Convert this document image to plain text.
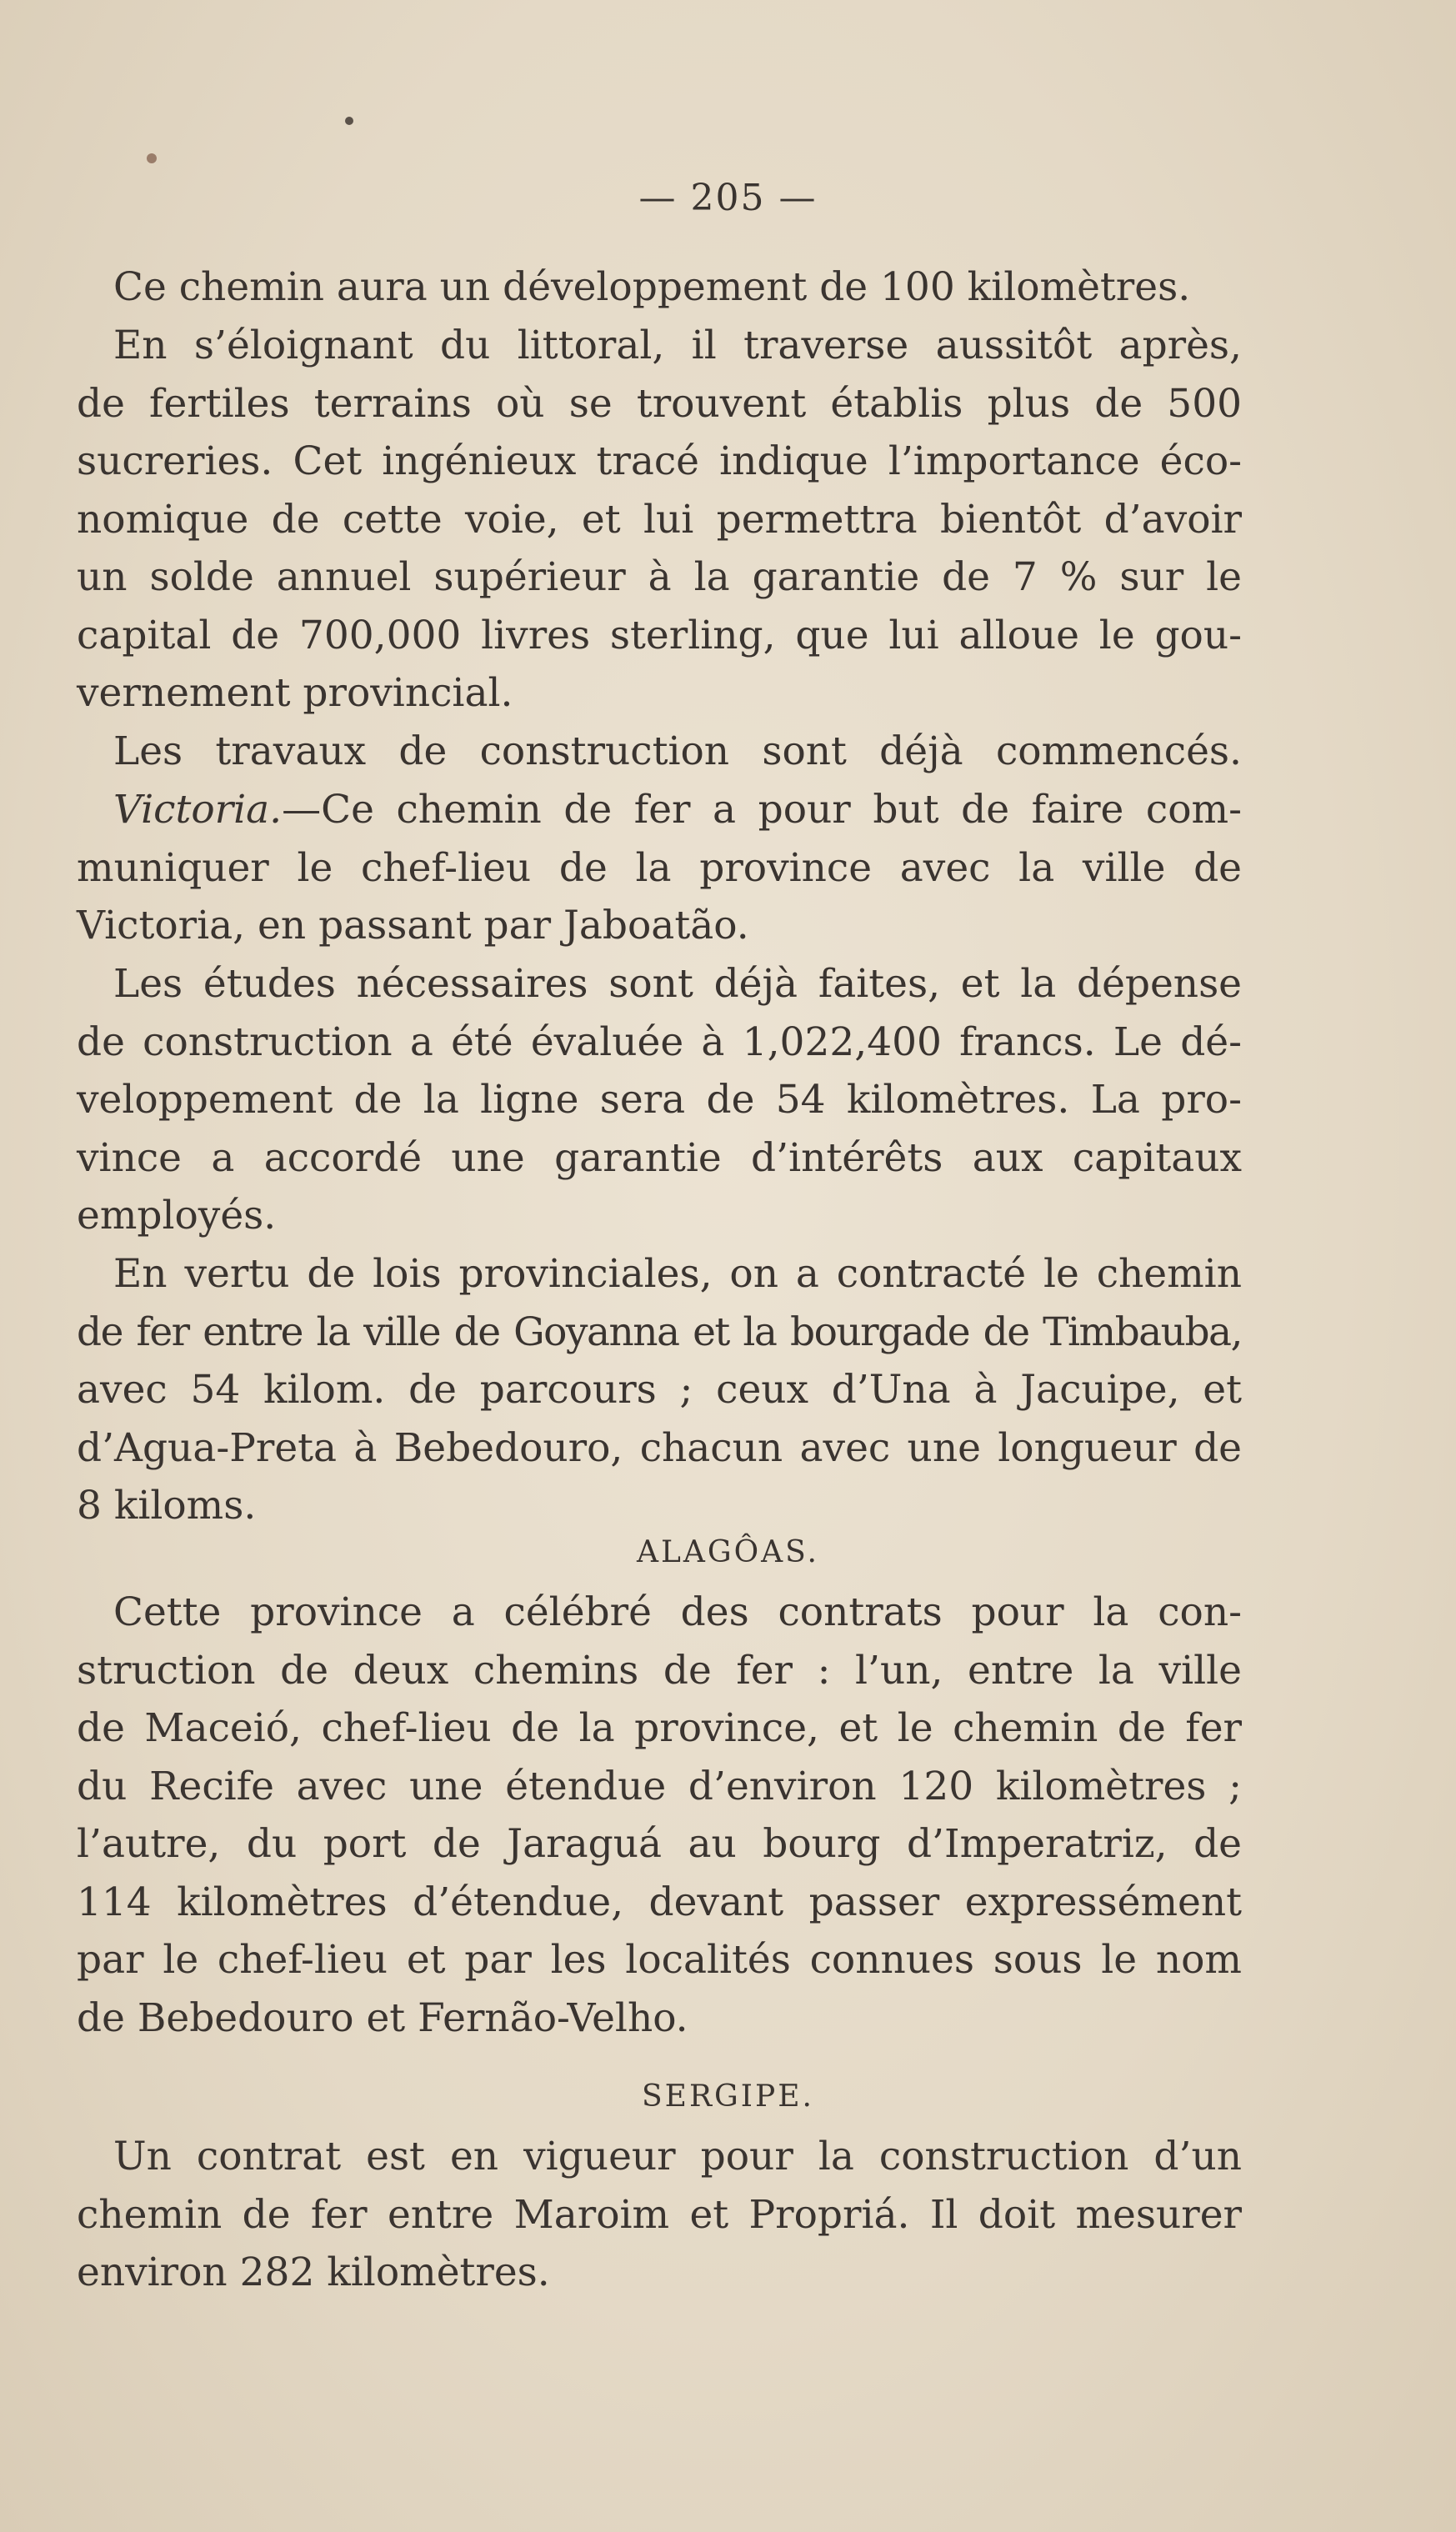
— 205 —
Ce chemin aura un développement de 100 kilomètres.
En s’éloignant du littoral, il traverse aussitôt après,
de fertiles terrains où se trouvent établis plus de 500
sucreries. Cet ingénieux tracé indique l’importance éco-
nomique de cette voie, et lui permettra bientôt d’avoir
un solde annuel supérieur à la garantie de 7 % sur le
capital de 700,000 livres sterling, que lui alloue le gou-
vernement provincial.
Les travaux de construction sont déjà commencés.
Victoria.—Ce chemin de fer a pour but de faire com-
muniquer le chef-lieu de la province avec la ville de
Victoria, en passant par Jaboatão.
Les études nécessaires sont déjà faites, et la dépense
de construction a été évaluée à 1,022,400 francs. Le dé-
veloppement de la ligne sera de 54 kilomètres. La pro-
vince a accordé une garantie d’intérêts aux capitaux
employés.
En vertu de lois provinciales, on a contracté le chemin
de fer entre la ville de Goyanna et la bourgade de Timbauba,
avec 54 kilom. de parcours ; ceux d’Una à Jacuipe, et
d’Agua-Preta à Bebedouro, chacun avec une longueur de
8 kiloms.
ALAGÔAS.
Cette province a célébré des contrats pour la con-
struction de deux chemins de fer : l’un, entre la ville
de Maceió, chef-lieu de la province, et le chemin de fer
du Recife avec une étendue d’environ 120 kilomètres ;
l’autre, du port de Jaraguá au bourg d’Imperatriz, de
114 kilomètres d’étendue, devant passer expressément
par le chef-lieu et par les localités connues sous le nom
de Bebedouro et Fernão-Velho.
SERGIPE.
Un contrat est en vigueur pour la construction d’un
chemin de fer entre Maroim et Propriá. Il doit mesurer
environ 282 kilomètres.
